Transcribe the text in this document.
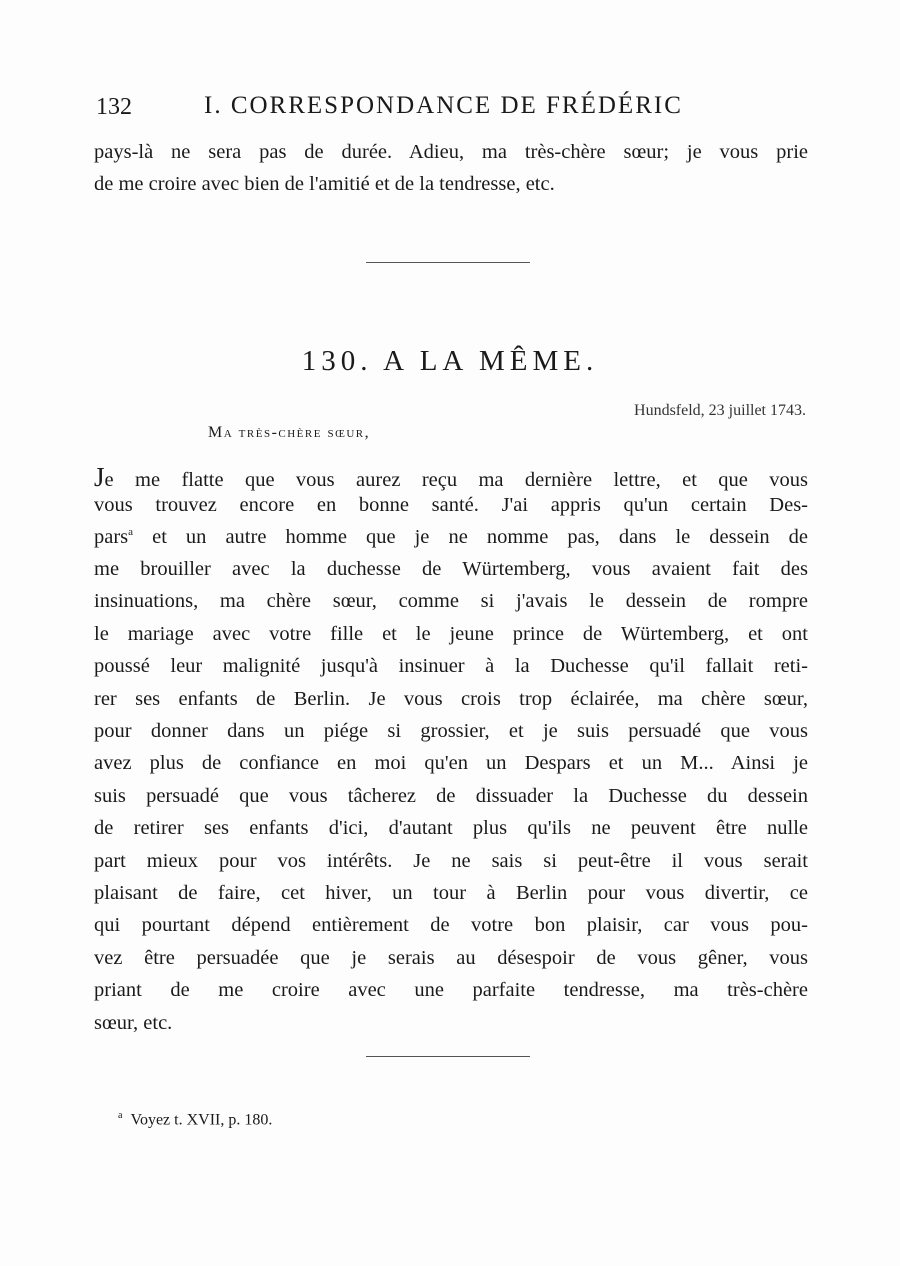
132	I. CORRESPONDANCE DE FRÉDÉRIC
pays-là ne sera pas de durée. Adieu, ma très-chère sœur; je vous prie
de me croire avec bien de l'amitié et de la tendresse, etc.
130. A LA MÊME.
Hundsfeld, 23 juillet 1743.
Ma très-chère sœur,
Je me flatte que vous aurez reçu ma dernière lettre, et que vous
vous trouvez encore en bonne santé. J'ai appris qu'un certain Des-
pars$^a$ et un autre homme que je ne nomme pas, dans le dessein de
me brouiller avec la duchesse de Würtemberg, vous avaient fait des
insinuations, ma chère sœur, comme si j'avais le dessein de rompre
le mariage avec votre fille et le jeune prince de Würtemberg, et ont
poussé leur malignité jusqu'à insinuer à la Duchesse qu'il fallait reti-
rer ses enfants de Berlin. Je vous crois trop éclairée, ma chère sœur,
pour donner dans un piége si grossier, et je suis persuadé que vous
avez plus de confiance en moi qu'en un Despars et un M... Ainsi je
suis persuadé que vous tâcherez de dissuader la Duchesse du dessein
de retirer ses enfants d'ici, d'autant plus qu'ils ne peuvent être nulle
part mieux pour vos intérêts. Je ne sais si peut-être il vous serait
plaisant de faire, cet hiver, un tour à Berlin pour vous divertir, ce
qui pourtant dépend entièrement de votre bon plaisir, car vous pou-
vez être persuadée que je serais au désespoir de vous gêner, vous
priant de me croire avec une parfaite tendresse, ma très-chère
sœur, etc.
$^a$ Voyez t. XVII, p. 180.
